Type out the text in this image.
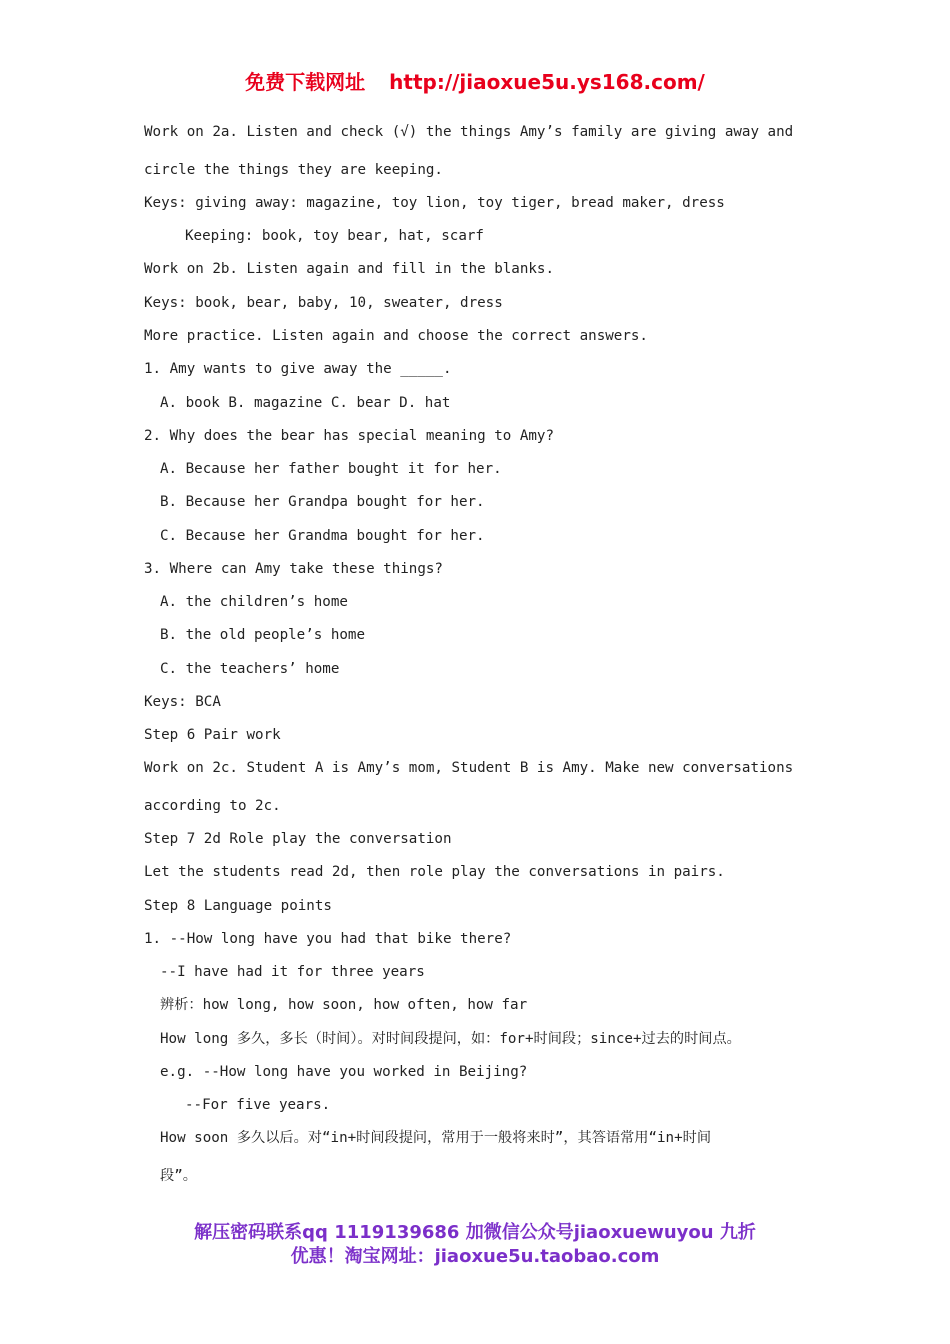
免费下载网址 http://jiaoxue5u.ys168.com/
Work on 2a. Listen and check (√) the things Amy’s family are giving away and
circle the things they are keeping.
Keys: giving away: magazine, toy lion, toy tiger, bread maker, dress
Keeping: book, toy bear, hat, scarf
Work on 2b. Listen again and fill in the blanks.
Keys: book, bear, baby, 10, sweater, dress
More practice. Listen again and choose the correct answers.
1. Amy wants to give away the _____.
A. book B. magazine C. bear D. hat
2. Why does the bear has special meaning to Amy?
A. Because her father bought it for her.
B. Because her Grandpa bought for her.
C. Because her Grandma bought for her.
3. Where can Amy take these things?
A. the children’s home
B. the old people’s home
C. the teachers’ home
Keys: BCA
Step 6 Pair work
Work on 2c. Student A is Amy’s mom, Student B is Amy. Make new conversations
according to 2c.
Step 7 2d Role play the conversation
Let the students read 2d, then role play the conversations in pairs.
Step 8 Language points
1. --How long have you had that bike there?
--I have had it for three years
辨析：how long, how soon, how often, how far
How long 多久，多长（时间）。对时间段提问，如：for+时间段；since+过去的时间点。
e.g. --How long have you worked in Beijing?
--For five years.
How soon 多久以后。对“in+时间段提问，常用于一般将来时”，其答语常用“in+时间
段”。
解压密码联系qq 1119139686 加微信公众号jiaoxuewuyou 九折
优惠！淘宝网址：jiaoxue5u.taobao.com
